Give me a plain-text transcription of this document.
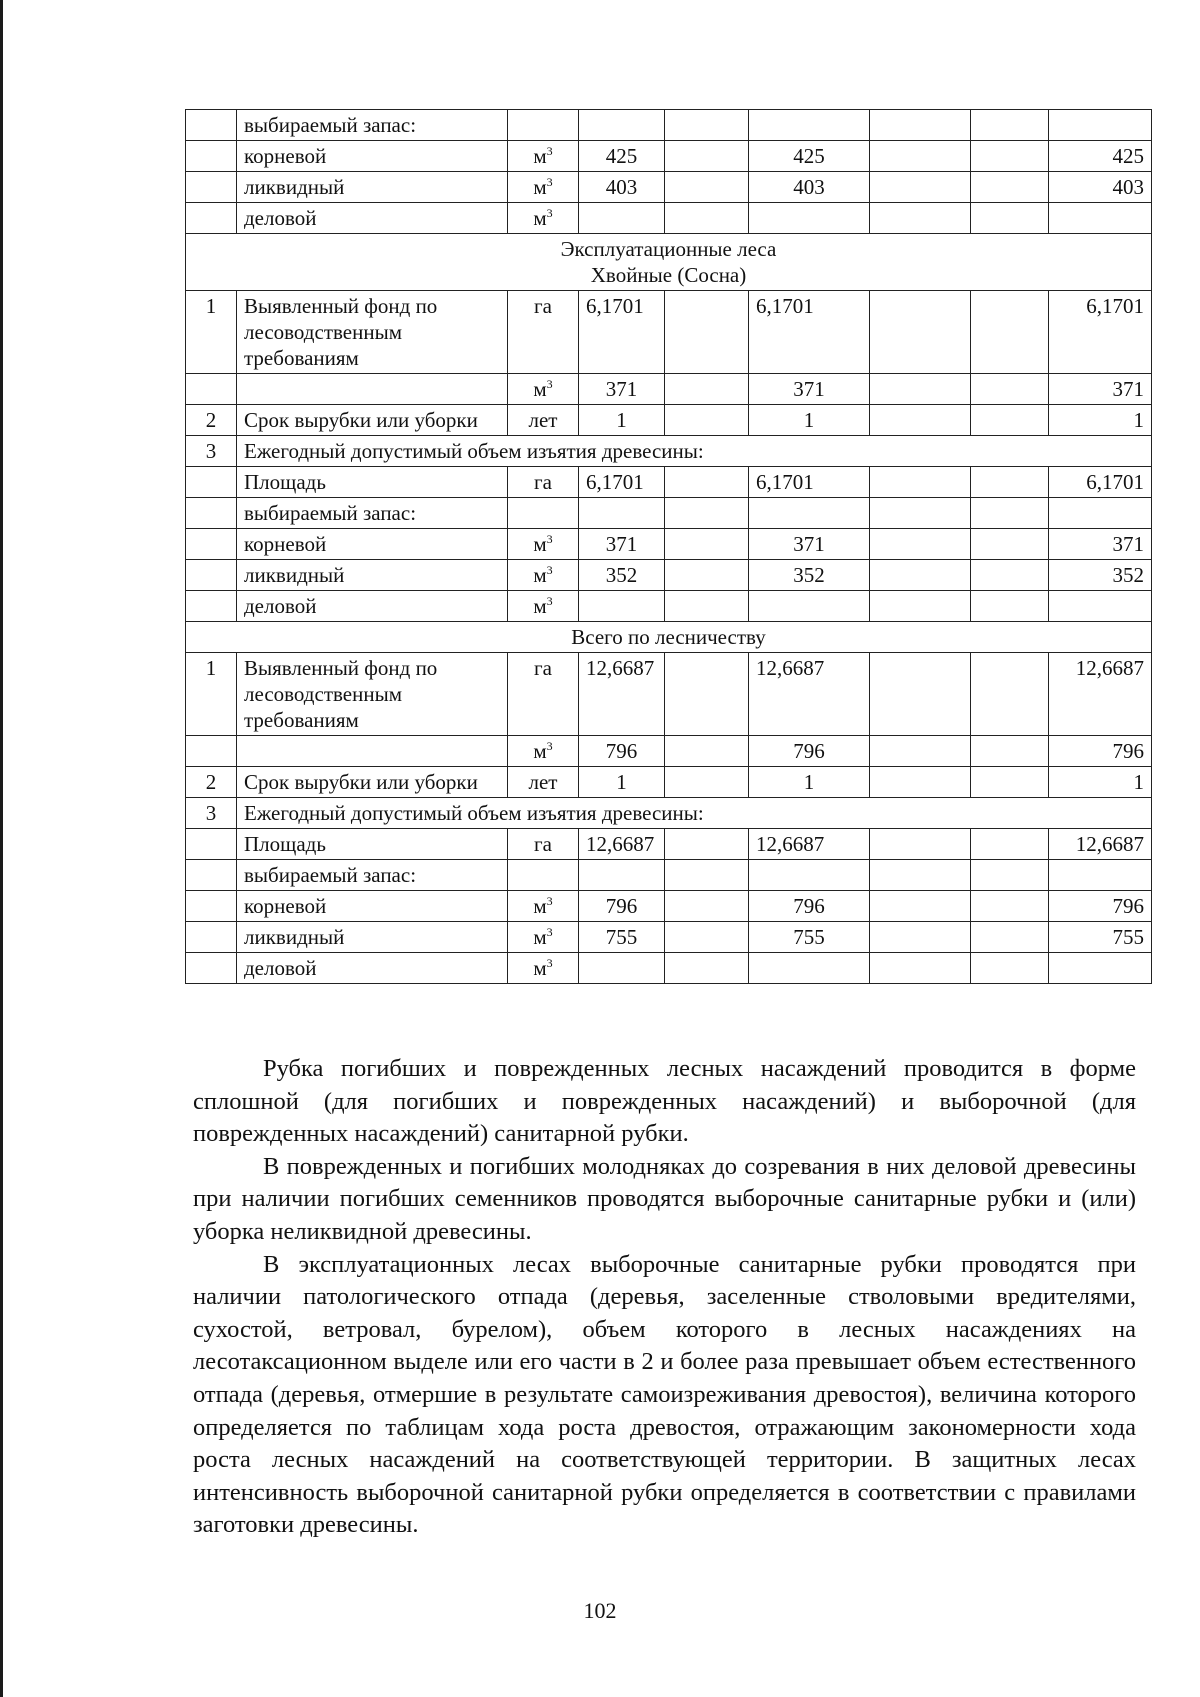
	выбираемый запас:							
	корневой	$м^3$	425		425			425
	ликвидный	$м^3$	403		403			403
	деловой	$м^3$						

Эксплуатационные леса
Хвойные (Сосна)								

1	Выявленный фонд по лесоводственным требованиям	га	6,1701		6,1701			6,1701
		$м^3$	371		371			371
2	Срок вырубки или уборки	лет	1		1			1
3	Ежегодный допустимый объем изъятия древесины:							
	Площадь	га	6,1701		6,1701			6,1701
	выбираемый запас:							
	корневой	$м^3$	371		371			371
	ликвидный	$м^3$	352		352			352
	деловой	$м^3$						

Всего по лесничеству								

1	Выявленный фонд по лесоводственным требованиям	га	12,6687		12,6687			12,6687
		$м^3$	796		796			796
2	Срок вырубки или уборки	лет	1		1			1
3	Ежегодный допустимый объем изъятия древесины:							
	Площадь	га	12,6687		12,6687			12,6687
	выбираемый запас:							
	корневой	$м^3$	796		796			796
	ликвидный	$м^3$	755		755			755
	деловой	$м^3$						

Рубка погибших и поврежденных лесных насаждений проводится в форме сплошной (для погибших и поврежденных насаждений) и выборочной (для поврежденных насаждений) санитарной рубки.

В поврежденных и погибших молодняках до созревания в них деловой древесины при наличии погибших семенников проводятся выборочные санитарные рубки и (или) уборка неликвидной древесины.

В эксплуатационных лесах выборочные санитарные рубки проводятся при наличии патологического отпада (деревья, заселенные стволовыми вредителями, сухостой, ветровал, бурелом), объем которого в лесных насаждениях на лесотаксационном выделе или его части в 2 и более раза превышает объем естественного отпада (деревья, отмершие в результате самоизреживания древостоя), величина которого определяется по таблицам хода роста древостоя, отражающим закономерности хода роста лесных насаждений на соответствующей территории. В защитных лесах интенсивность выборочной санитарной рубки определяется в соответствии с правилами заготовки древесины.

102
